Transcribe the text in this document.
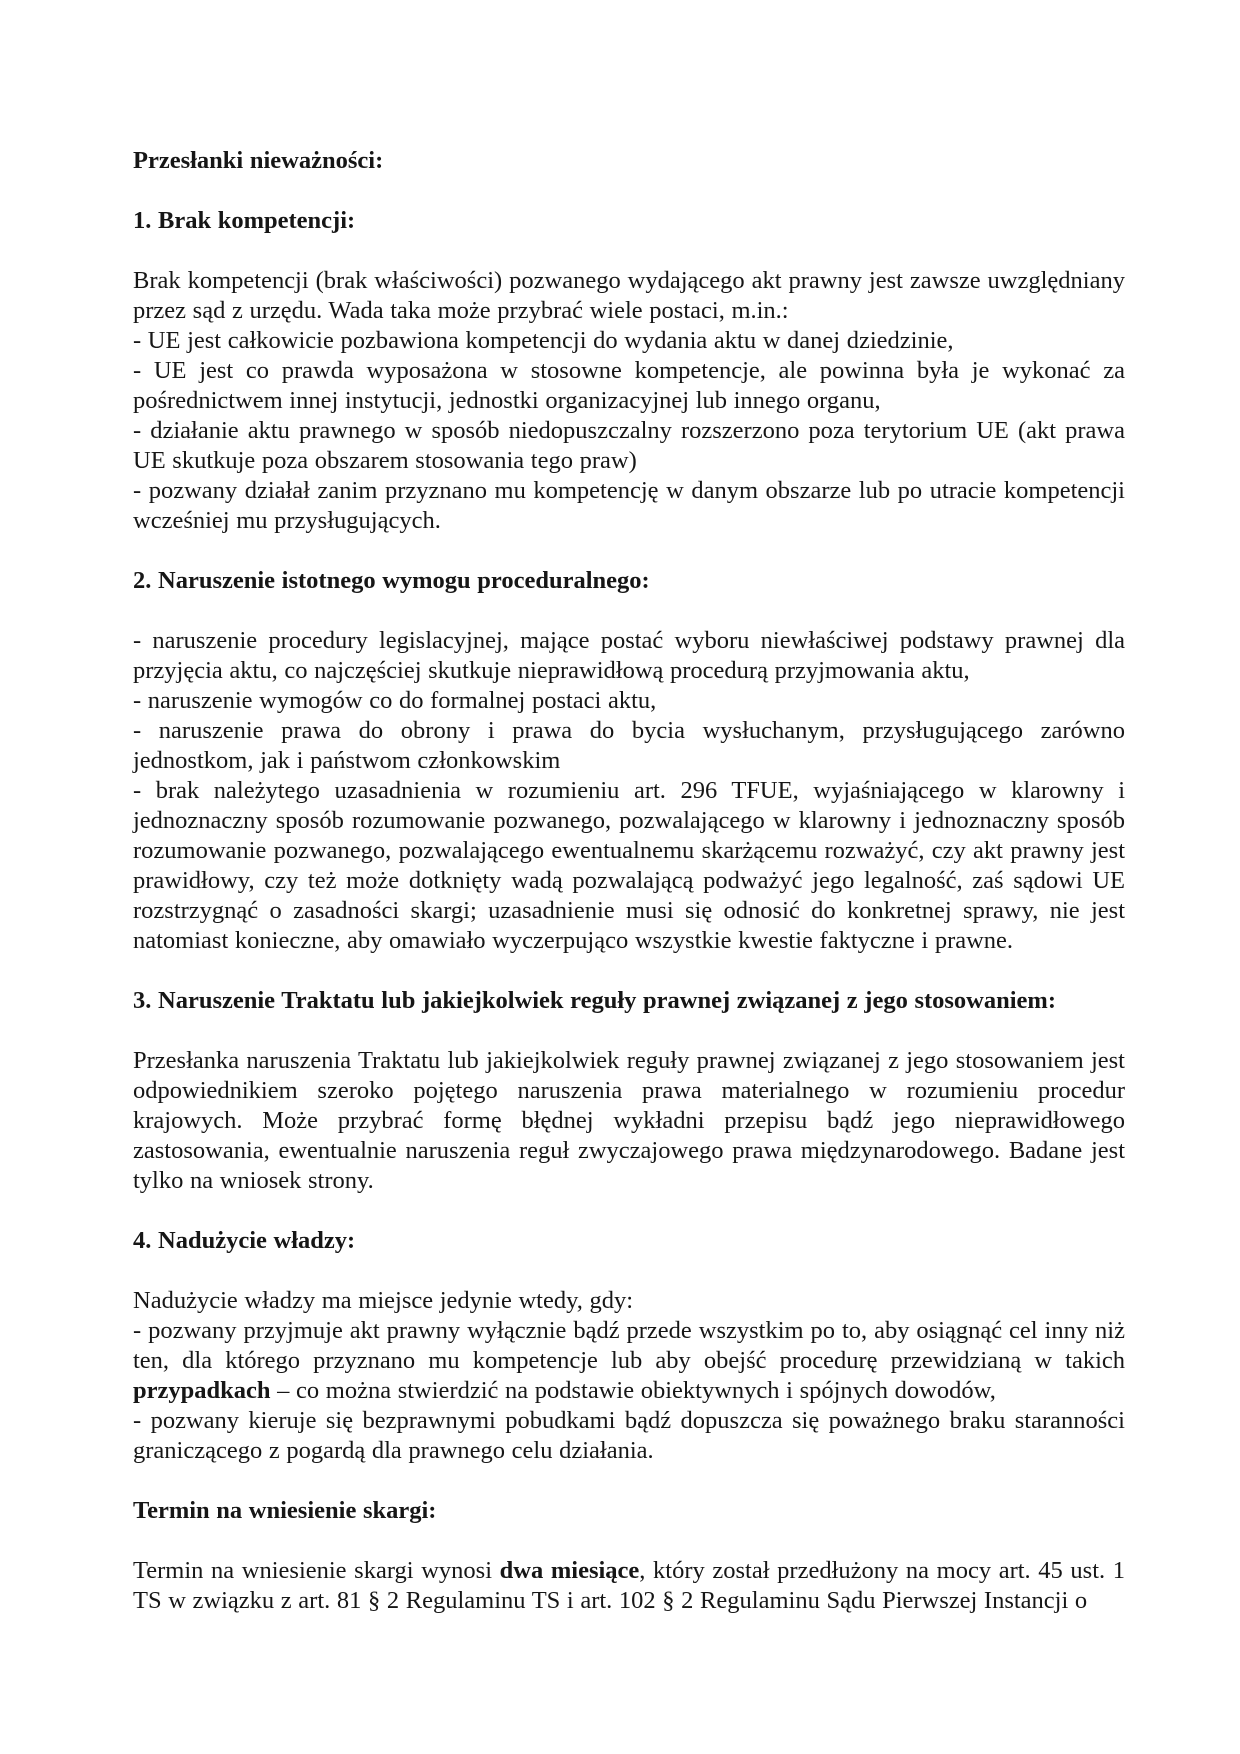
Przesłanki nieważności:
1. Brak kompetencji:
Brak kompetencji (brak właściwości) pozwanego wydającego akt prawny jest zawsze uwzględniany przez sąd z urzędu. Wada taka może przybrać wiele postaci, m.in.:
- UE jest całkowicie pozbawiona kompetencji do wydania aktu w danej dziedzinie,
- UE jest co prawda wyposażona w stosowne kompetencje, ale powinna była je wykonać za pośrednictwem innej instytucji, jednostki organizacyjnej lub innego organu,
- działanie aktu prawnego w sposób niedopuszczalny rozszerzono poza terytorium UE (akt prawa UE skutkuje poza obszarem stosowania tego praw)
- pozwany działał zanim przyznano mu kompetencję w danym obszarze lub po utracie kompetencji wcześniej mu przysługujących.
2. Naruszenie istotnego wymogu proceduralnego:
- naruszenie procedury legislacyjnej, mające postać wyboru niewłaściwej podstawy prawnej dla przyjęcia aktu, co najczęściej skutkuje nieprawidłową procedurą przyjmowania aktu,
- naruszenie wymogów co do formalnej postaci aktu,
- naruszenie prawa do obrony i prawa do bycia wysłuchanym, przysługującego zarówno jednostkom, jak i państwom członkowskim
- brak należytego uzasadnienia w rozumieniu art. 296 TFUE, wyjaśniającego w klarowny i jednoznaczny sposób rozumowanie pozwanego, pozwalającego w klarowny i jednoznaczny sposób rozumowanie pozwanego, pozwalającego ewentualnemu skarżącemu rozważyć, czy akt prawny jest prawidłowy, czy też może dotknięty wadą pozwalającą podważyć jego legalność, zaś sądowi UE rozstrzygnąć o zasadności skargi; uzasadnienie musi się odnosić do konkretnej sprawy, nie jest natomiast konieczne, aby omawiało wyczerpująco wszystkie kwestie faktyczne i prawne.
3. Naruszenie Traktatu lub jakiejkolwiek reguły prawnej związanej z jego stosowaniem:
Przesłanka naruszenia Traktatu lub jakiejkolwiek reguły prawnej związanej z jego stosowaniem jest odpowiednikiem szeroko pojętego naruszenia prawa materialnego w rozumieniu procedur krajowych. Może przybrać formę błędnej wykładni przepisu bądź jego nieprawidłowego zastosowania, ewentualnie naruszenia reguł zwyczajowego prawa międzynarodowego. Badane jest tylko na wniosek strony.
4. Nadużycie władzy:
Nadużycie władzy ma miejsce jedynie wtedy, gdy:
- pozwany przyjmuje akt prawny wyłącznie bądź przede wszystkim po to, aby osiągnąć cel inny niż ten, dla którego przyznano mu kompetencje lub aby obejść procedurę przewidzianą w takich przypadkach – co można stwierdzić na podstawie obiektywnych i spójnych dowodów,
- pozwany kieruje się bezprawnymi pobudkami bądź dopuszcza się poważnego braku staranności graniczącego z pogardą dla prawnego celu działania.
Termin na wniesienie skargi:
Termin na wniesienie skargi wynosi dwa miesiące, który został przedłużony na mocy art. 45 ust. 1 TS w związku z art. 81 § 2 Regulaminu TS i art. 102 § 2 Regulaminu Sądu Pierwszej Instancji o
